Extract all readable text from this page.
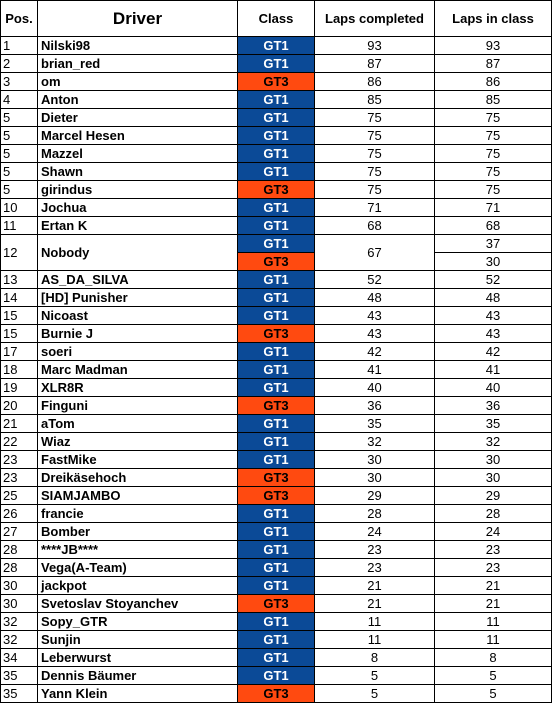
Pos.	Driver	Class	Laps completed	Laps in class
1	Nilski98	GT1	93	93
2	brian_red	GT1	87	87
3	om	GT3	86	86
4	Anton	GT1	85	85
5	Dieter	GT1	75	75
5	Marcel Hesen	GT1	75	75
5	Mazzel	GT1	75	75
5	Shawn	GT1	75	75
5	girindus	GT3	75	75
10	Jochua	GT1	71	71
11	Ertan K	GT1	68	68
12	Nobody	GT1	67	37
		GT3		30
13	AS_DA_SILVA	GT1	52	52
14	[HD] Punisher	GT1	48	48
15	Nicoast	GT1	43	43
15	Burnie J	GT3	43	43
17	soeri	GT1	42	42
18	Marc Madman	GT1	41	41
19	XLR8R	GT1	40	40
20	Finguni	GT3	36	36
21	aTom	GT1	35	35
22	Wiaz	GT1	32	32
23	FastMike	GT1	30	30
23	Dreikäsehoch	GT3	30	30
25	SIAMJAMBO	GT3	29	29
26	francie	GT1	28	28
27	Bomber	GT1	24	24
28	****JB****	GT1	23	23
28	Vega(A-Team)	GT1	23	23
30	jackpot	GT1	21	21
30	Svetoslav Stoyanchev	GT3	21	21
32	Sopy_GTR	GT1	11	11
32	Sunjin	GT1	11	11
34	Leberwurst	GT1	8	8
35	Dennis Bäumer	GT1	5	5
35	Yann Klein	GT3	5	5
